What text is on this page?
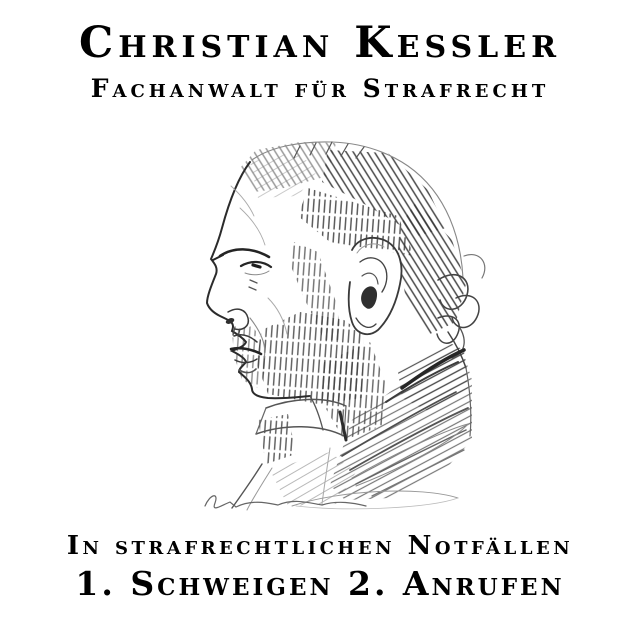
Christian Kessler
Fachanwalt für Strafrecht
In strafrechtlichen Notfällen
1. Schweigen 2. Anrufen
